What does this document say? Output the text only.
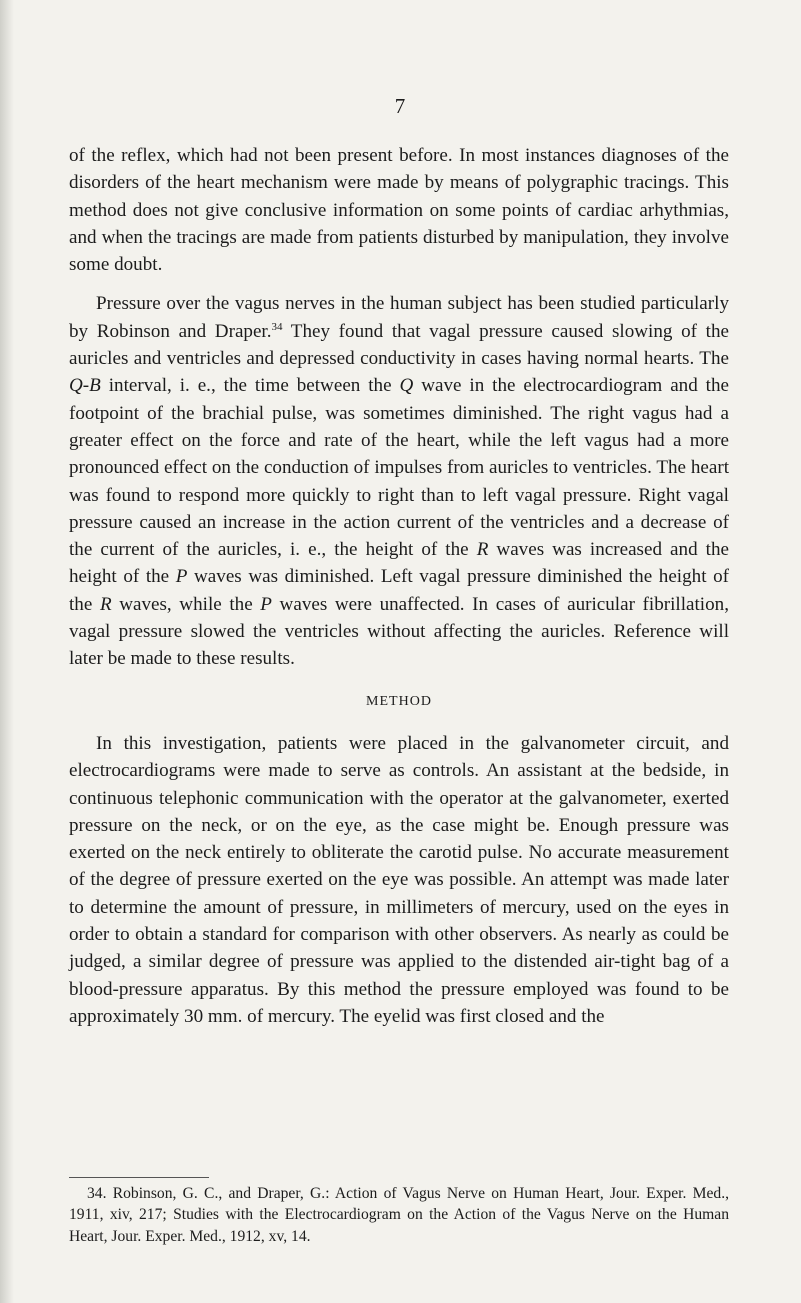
7

of the reflex, which had not been present before. In most instances diagnoses of the disorders of the heart mechanism were made by means of polygraphic tracings. This method does not give conclusive information on some points of cardiac arhythmias, and when the tracings are made from patients disturbed by manipulation, they involve some doubt.

Pressure over the vagus nerves in the human subject has been studied particularly by Robinson and Draper.$^{34}$ They found that vagal pressure caused slowing of the auricles and ventricles and depressed conductivity in cases having normal hearts. The Q-B interval, i. e., the time between the Q wave in the electrocardiogram and the footpoint of the brachial pulse, was sometimes diminished. The right vagus had a greater effect on the force and rate of the heart, while the left vagus had a more pronounced effect on the conduction of impulses from auricles to ventricles. The heart was found to respond more quickly to right than to left vagal pressure. Right vagal pressure caused an increase in the action current of the ventricles and a decrease of the current of the auricles, i. e., the height of the R waves was increased and the height of the P waves was diminished. Left vagal pressure diminished the height of the R waves, while the P waves were unaffected. In cases of auricular fibrillation, vagal pressure slowed the ventricles without affecting the auricles. Reference will later be made to these results.

METHOD

In this investigation, patients were placed in the galvanometer circuit, and electrocardiograms were made to serve as controls. An assistant at the bedside, in continuous telephonic communication with the operator at the galvanometer, exerted pressure on the neck, or on the eye, as the case might be. Enough pressure was exerted on the neck entirely to obliterate the carotid pulse. No accurate measurement of the degree of pressure exerted on the eye was possible. An attempt was made later to determine the amount of pressure, in millimeters of mercury, used on the eyes in order to obtain a standard for comparison with other observers. As nearly as could be judged, a similar degree of pressure was applied to the distended air-tight bag of a blood-pressure apparatus. By this method the pressure employed was found to be approximately 30 mm. of mercury. The eyelid was first closed and the

34. Robinson, G. C., and Draper, G.: Action of Vagus Nerve on Human Heart, Jour. Exper. Med., 1911, xiv, 217; Studies with the Electrocardiogram on the Action of the Vagus Nerve on the Human Heart, Jour. Exper. Med., 1912, xv, 14.
